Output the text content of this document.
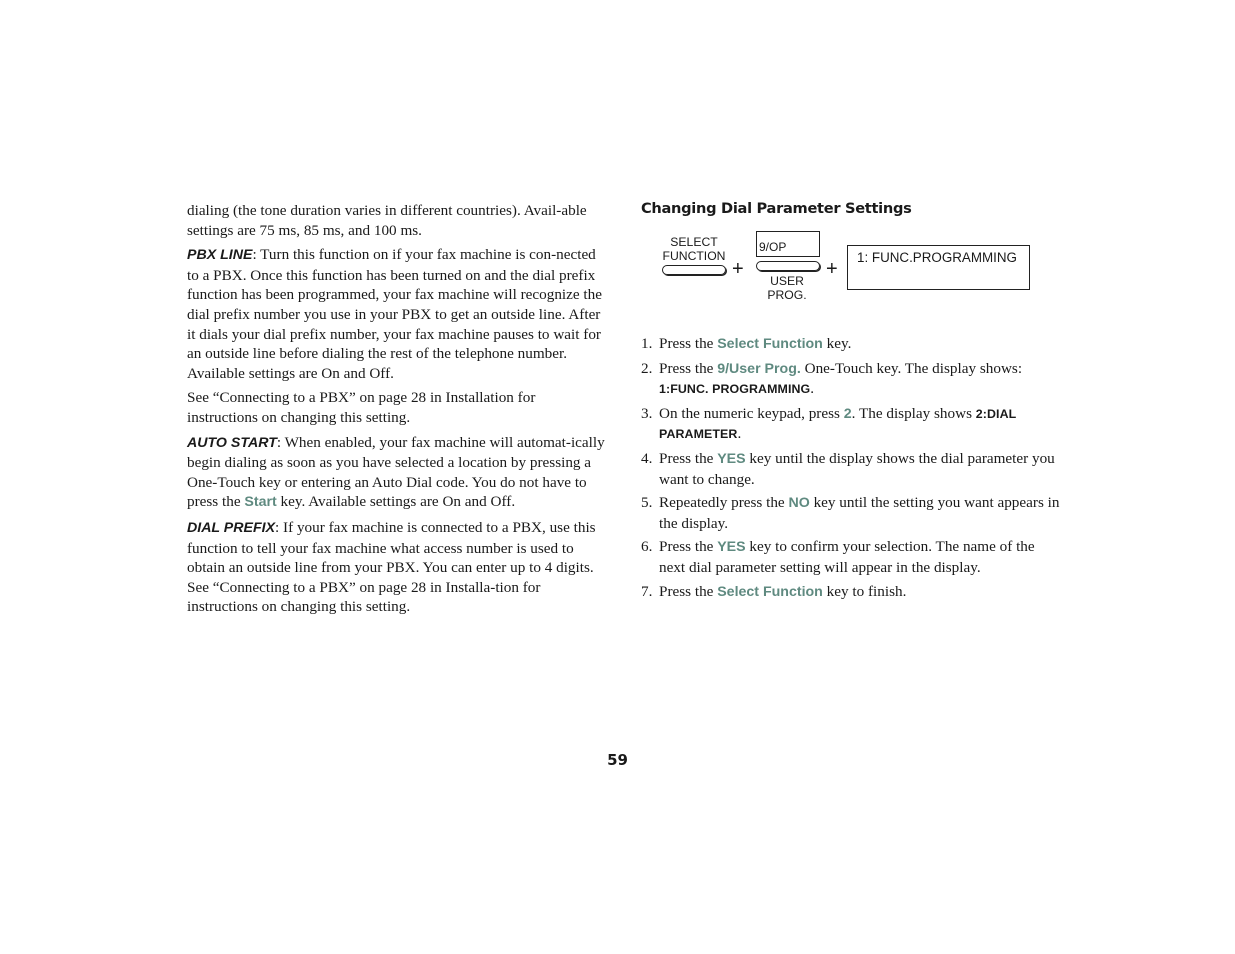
dialing (the tone duration varies in different countries). Avail-able settings are 75 ms, 85 ms, and 100 ms.

PBX LINE: Turn this function on if your fax machine is con-nected to a PBX. Once this function has been turned on and the dial prefix function has been programmed, your fax machine will recognize the dial prefix number you use in your PBX to get an outside line. After it dials your dial prefix number, your fax machine pauses to wait for an outside line before dialing the rest of the telephone number. Available settings are On and Off.

See “Connecting to a PBX” on page 28 in Installation for instructions on changing this setting.

AUTO START: When enabled, your fax machine will automat-ically begin dialing as soon as you have selected a location by pressing a One-Touch key or entering an Auto Dial code. You do not have to press the Start key. Available settings are On and Off.

DIAL PREFIX: If your fax machine is connected to a PBX, use this function to tell your fax machine what access number is used to obtain an outside line from your PBX. You can enter up to 4 digits. See “Connecting to a PBX” on page 28 in Installa-tion for instructions on changing this setting.

Changing Dial Parameter Settings
SELECT
FUNCTION
+
9/OP
USER
PROG.
+
1: FUNC.PROGRAMMING
1. Press the Select Function key.
2. Press the 9/User Prog. One-Touch key. The display shows: 1:FUNC. PROGRAMMING.
3. On the numeric keypad, press 2. The display shows 2:DIAL PARAMETER.
4. Press the YES key until the display shows the dial parameter you want to change.
5. Repeatedly press the NO key until the setting you want appears in the display.
6. Press the YES key to confirm your selection. The name of the next dial parameter setting will appear in the display.
7. Press the Select Function key to finish.
59
